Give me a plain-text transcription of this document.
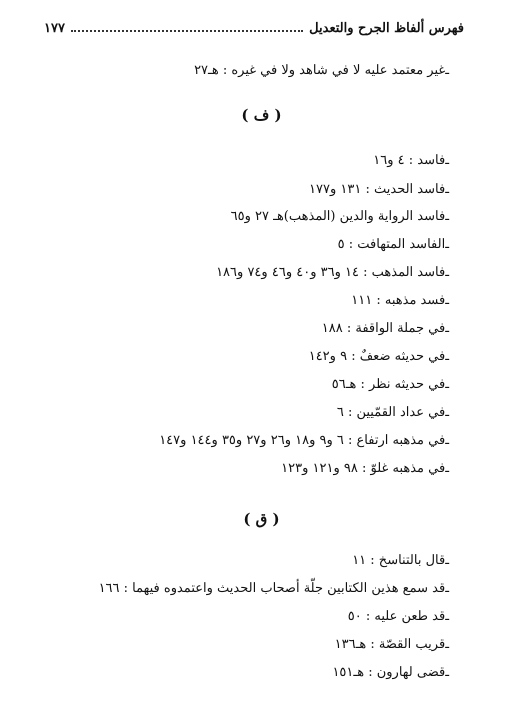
فهرس ألفاظ الجرح والتعديل
١٧٧
ـغير معتمد عليه لا في شاهد ولا في غيره : هـ٢٧
( ف )
ـفاسد : ٤ و١٦
ـفاسد الحديث : ١٣١ و١٧٧
ـفاسد الرواية والدين (المذهب)هـ ٢٧ و٦٥
ـالفاسد المتهافت : ٥
ـفاسد المذهب : ١٤ و٣٦ و٤٠ و٤٦ و٧٤ و١٨٦
ـفسد مذهبه : ١١١
ـفي جملة الواقفة : ١٨٨
ـفي حديثه ضعفٌ : ٩ و١٤٢
ـفي حديثه نظر : هـ٥٦
ـفي عداد القمّيين : ٦
ـفي مذهبه ارتفاع : ٦ و٩ و١٨ و٢٦ و٢٧ و٣٥ و١٤٤ و١٤٧
ـفي مذهبه غلوّ : ٩٨ و١٢١ و١٢٣
( ق )
ـقال بالتناسخ : ١١
ـقد سمع هذين الكتابين جلّة أصحاب الحديث واعتمدوه فيهما : ١٦٦
ـقد طعن عليه : ٥٠
ـقريب القصّة : هـ١٣٦
ـقضى لهارون : هـ١٥١
